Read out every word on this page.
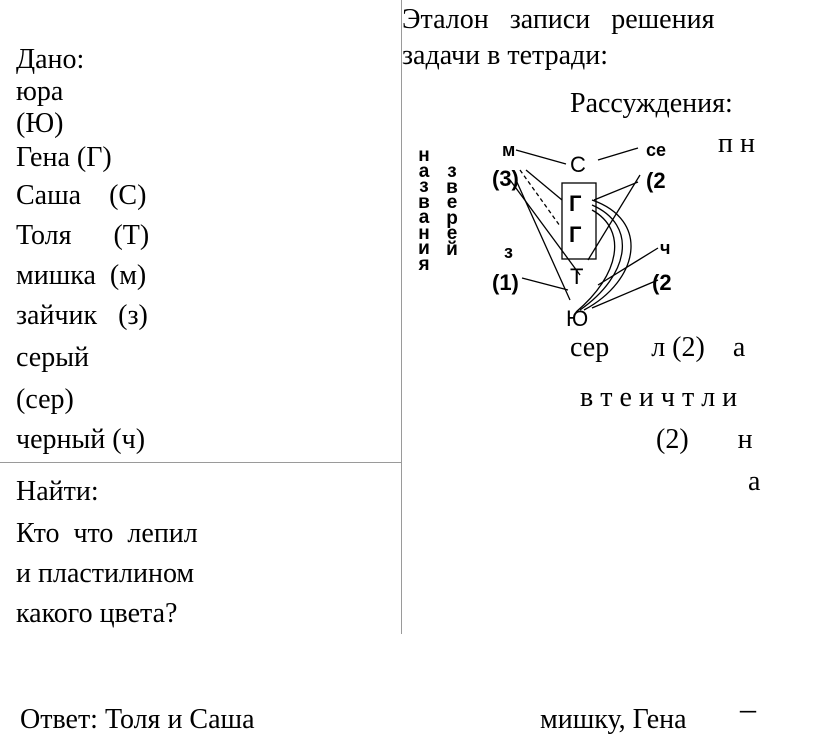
Дано:
юра
(Ю)
Гена (Г)
Саша    (С)
Толя      (Т)
мишка  (м)
зайчик   (з)
серый
(сер)
черный (ч)
Найти:
Кто  что  лепил
и пластилином
какого цвета?
Эталон   записи   решения
задачи в тетради:
Рассуждения:
названия
зверей
С
Г
Г
Т
Ю
м
(3)
з
(1)
се
(2
ч
(2
п н
сер      л (2)    а
в т е и ч т л и
(2)       н
а
Ответ: Толя и Саша	мишку, Гена –
